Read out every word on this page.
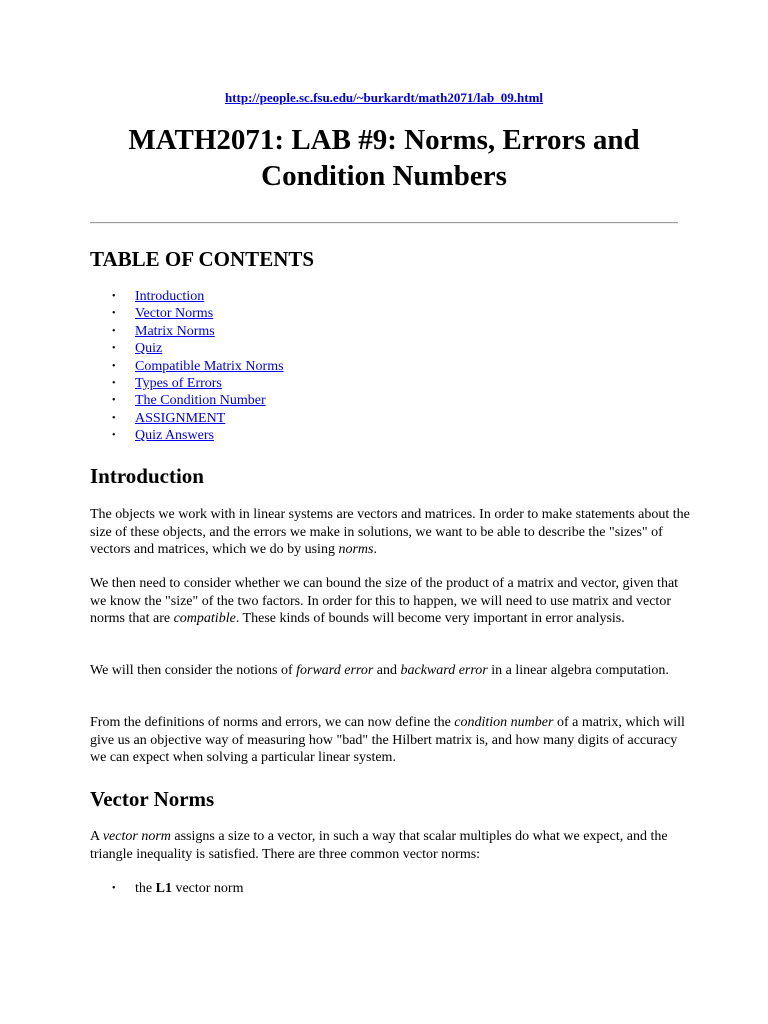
http://people.sc.fsu.edu/~burkardt/math2071/lab_09.html
MATH2071: LAB #9: Norms, Errors and
Condition Numbers
TABLE OF CONTENTS
• Introduction
• Vector Norms
• Matrix Norms
• Quiz
• Compatible Matrix Norms
• Types of Errors
• The Condition Number
• ASSIGNMENT
• Quiz Answers
Introduction

The objects we work with in linear systems are vectors and matrices. In order to make statements about the size of these objects, and the errors we make in solutions, we want to be able to describe the "sizes" of vectors and matrices, which we do by using norms.

We then need to consider whether we can bound the size of the product of a matrix and vector, given that we know the "size" of the two factors. In order for this to happen, we will need to use matrix and vector norms that are compatible. These kinds of bounds will become very important in error analysis.

We will then consider the notions of forward error and backward error in a linear algebra computation.

From the definitions of norms and errors, we can now define the condition number of a matrix, which will give us an objective way of measuring how "bad" the Hilbert matrix is, and how many digits of accuracy we can expect when solving a particular linear system.

Vector Norms

A vector norm assigns a size to a vector, in such a way that scalar multiples do what we expect, and the triangle inequality is satisfied. There are three common vector norms:

• the L1 vector norm
